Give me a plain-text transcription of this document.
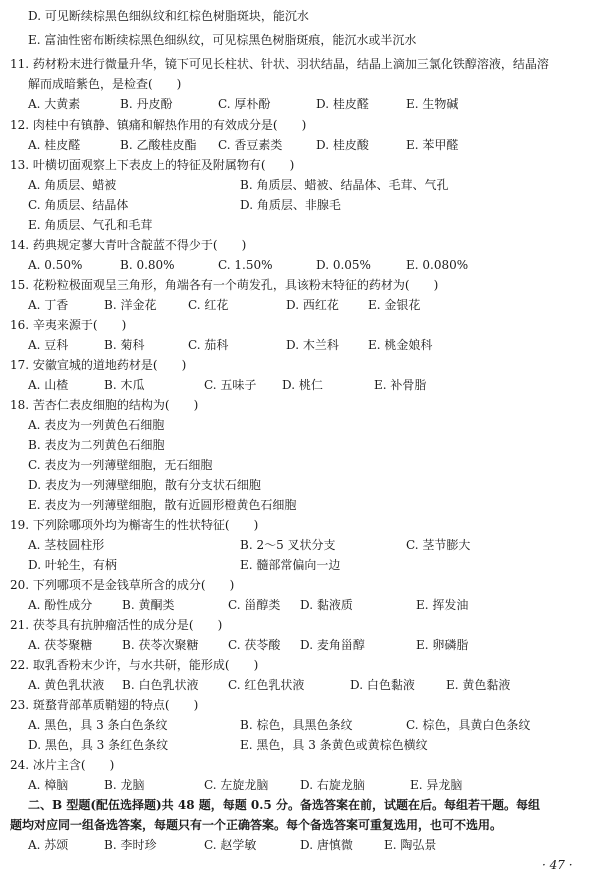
D. 可见断续棕黑色细纵纹和红棕色树脂斑块，能沉水
E. 富油性密布断续棕黑色细纵纹，可见棕黑色树脂斑痕，能沉水或半沉水
11. 药材粉末进行微量升华，镜下可见长柱状、针状、羽状结晶，结晶上滴加三氯化铁醇溶液，结晶溶
解而成暗紫色，是检查(　　)
A. 大黄素	B. 丹皮酚	C. 厚朴酚	D. 桂皮醛	E. 生物碱
12. 肉桂中有镇静、镇痛和解热作用的有效成分是(　　)
A. 桂皮醛	B. 乙酸桂皮酯 C. 香豆素类	D. 桂皮酸	E. 苯甲醛
13. 叶横切面观察上下表皮上的特征及附属物有(　　)
A. 角质层、蜡被	B. 角质层、蜡被、结晶体、毛茸、气孔
C. 角质层、结晶体	D. 角质层、非腺毛
E. 角质层、气孔和毛茸
14. 药典规定蓼大青叶含靛蓝不得少于(　　)
A. 0.50%	B. 0.80%	C. 1.50%	D. 0.05%	E. 0.080%
15. 花粉粒极面观呈三角形，角端各有一个萌发孔，具该粉末特征的药材为(　　)
A. 丁香	B. 洋金花	C. 红花	D. 西红花 E. 金银花
16. 辛夷来源于(　　)
A. 豆科	B. 菊科	C. 茄科	D. 木兰科 E. 桃金娘科
17. 安徽宣城的道地药材是(　　)
A. 山楂	B. 木瓜	C. 五味子 D. 桃仁	E. 补骨脂
18. 苦杏仁表皮细胞的结构为(　　)
A. 表皮为一列黄色石细胞
B. 表皮为二列黄色石细胞
C. 表皮为一列薄壁细胞，无石细胞
D. 表皮为一列薄壁细胞，散有分支状石细胞
E. 表皮为一列薄壁细胞，散有近圆形橙黄色石细胞
19. 下列除哪项外均为槲寄生的性状特征(　　)
A. 茎枝圆柱形	B. 2～5 叉状分支	C. 茎节膨大
D. 叶轮生，有柄	E. 髓部常偏向一边
20. 下列哪项不是金钱草所含的成分(　　)
A. 酚性成分 B. 黄酮类	C. 甾醇类 D. 黏液质	E. 挥发油
21. 茯苓具有抗肿瘤活性的成分是(　　)
A. 茯苓聚糖 B. 茯苓次聚糖 C. 茯苓酸 D. 麦角甾醇	E. 卵磷脂
22. 取乳香粉末少许，与水共研，能形成(　　)
A. 黄色乳状液 B. 白色乳状液 C. 红色乳状液	D. 白色黏液	E. 黄色黏液
23. 斑蝥背部革质鞘翅的特点(　　)
A. 黑色，具 3 条白色条纹	B. 棕色，具黑色条纹	C. 棕色，具黄白色条纹
D. 黑色，具 3 条红色条纹	E. 黑色，具 3 条黄色或黄棕色横纹
24. 冰片主含(　　)
A. 樟脑	B. 龙脑	C. 左旋龙脑	D. 右旋龙脑	E. 异龙脑
二、B 型题(配伍选择题)共 48 题，每题 0.5 分。备选答案在前，试题在后。每组若干题。每组
题均对应同一组备选答案，每题只有一个正确答案。每个备选答案可重复选用，也可不选用。
A. 苏颂	B. 李时珍	C. 赵学敏	D. 唐慎微	E. 陶弘景
· 47 ·
